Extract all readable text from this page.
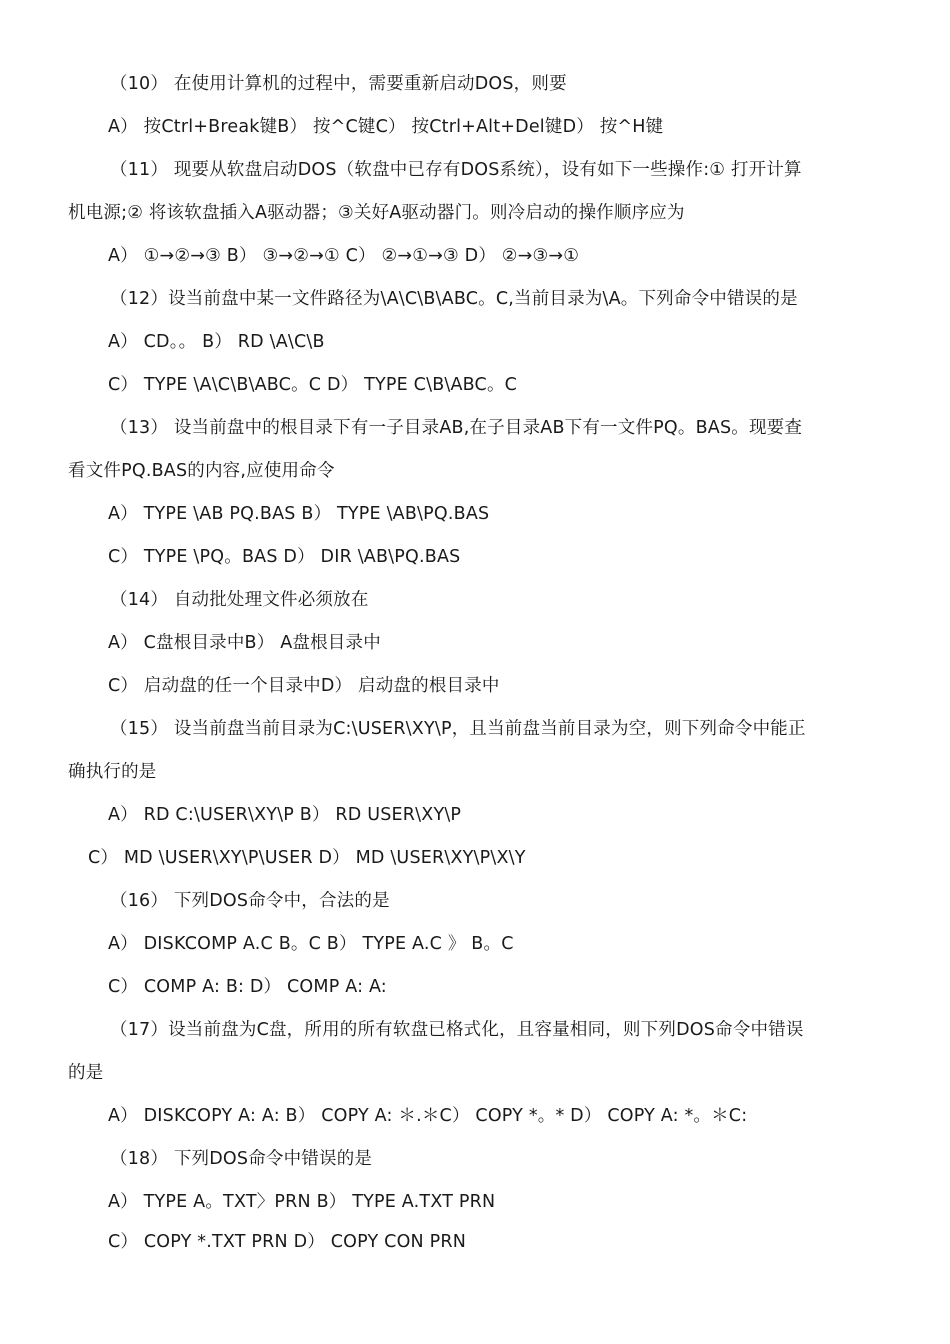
（10） 在使用计算机的过程中，需要重新启动DOS，则要
A） 按Ctrl+Break键B） 按^C键C） 按Ctrl+Alt+Del键D） 按^H键
（11） 现要从软盘启动DOS（软盘中已存有DOS系统），设有如下一些操作:① 打开计算
机电源;② 将该软盘插入A驱动器；③关好A驱动器门。则冷启动的操作顺序应为
A） ①→②→③ B） ③→②→① C） ②→①→③ D） ②→③→①
（12）设当前盘中某一文件路径为\A\C\B\ABC。C,当前目录为\A。下列命令中错误的是
A） CD。。 B） RD \A\C\B
C） TYPE \A\C\B\ABC。C D） TYPE C\B\ABC。C
（13） 设当前盘中的根目录下有一子目录AB,在子目录AB下有一文件PQ。BAS。现要查
看文件PQ.BAS的内容,应使用命令
A） TYPE \AB PQ.BAS B） TYPE \AB\PQ.BAS
C） TYPE \PQ。BAS D） DIR \AB\PQ.BAS
（14） 自动批处理文件必须放在
A） C盘根目录中B） A盘根目录中
C） 启动盘的任一个目录中D） 启动盘的根目录中
（15） 设当前盘当前目录为C:\USER\XY\P，且当前盘当前目录为空，则下列命令中能正
确执行的是
A） RD C:\USER\XY\P B） RD USER\XY\P
C） MD \USER\XY\P\USER D） MD \USER\XY\P\X\Y
（16） 下列DOS命令中，合法的是
A） DISKCOMP A.C B。C B） TYPE A.C 》 B。C
C） COMP A: B: D） COMP A: A:
（17）设当前盘为C盘，所用的所有软盘已格式化，且容量相同，则下列DOS命令中错误
的是
A） DISKCOPY A: A: B） COPY A: ＊.＊C） COPY *。* D） COPY A: *。＊C:
（18） 下列DOS命令中错误的是
A） TYPE A。TXT〉PRN B） TYPE A.TXT PRN
C） COPY *.TXT PRN D） COPY CON PRN
